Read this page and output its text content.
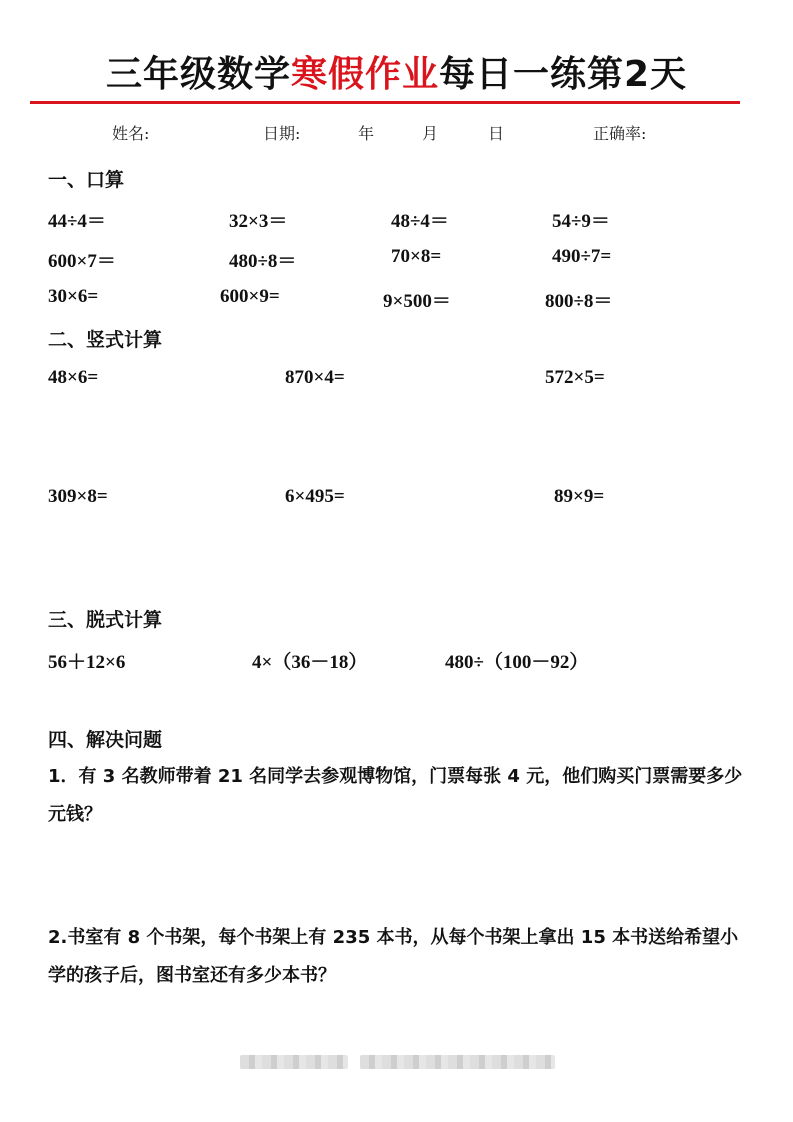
三年级数学寒假作业每日一练第2天
姓名:	日期:	年	月	日	正确率:
一、口算
44÷4＝	32×3＝	48÷4＝	54÷9＝
600×7＝	480÷8＝	70×8=	490÷7=
30×6=	600×9=	9×500＝	800÷8＝
二、竖式计算
48×6=	870×4=	572×5=
309×8=	6×495=	89×9=
三、脱式计算
56＋12×6	4×（36－18）	480÷（100－92）
四、解决问题
1．有 3 名教师带着 21 名同学去参观博物馆，门票每张 4 元，他们购买门票需要多少元钱？
2.书室有 8 个书架，每个书架上有 235 本书，从每个书架上拿出 15 本书送给希望小学的孩子后，图书室还有多少本书？
